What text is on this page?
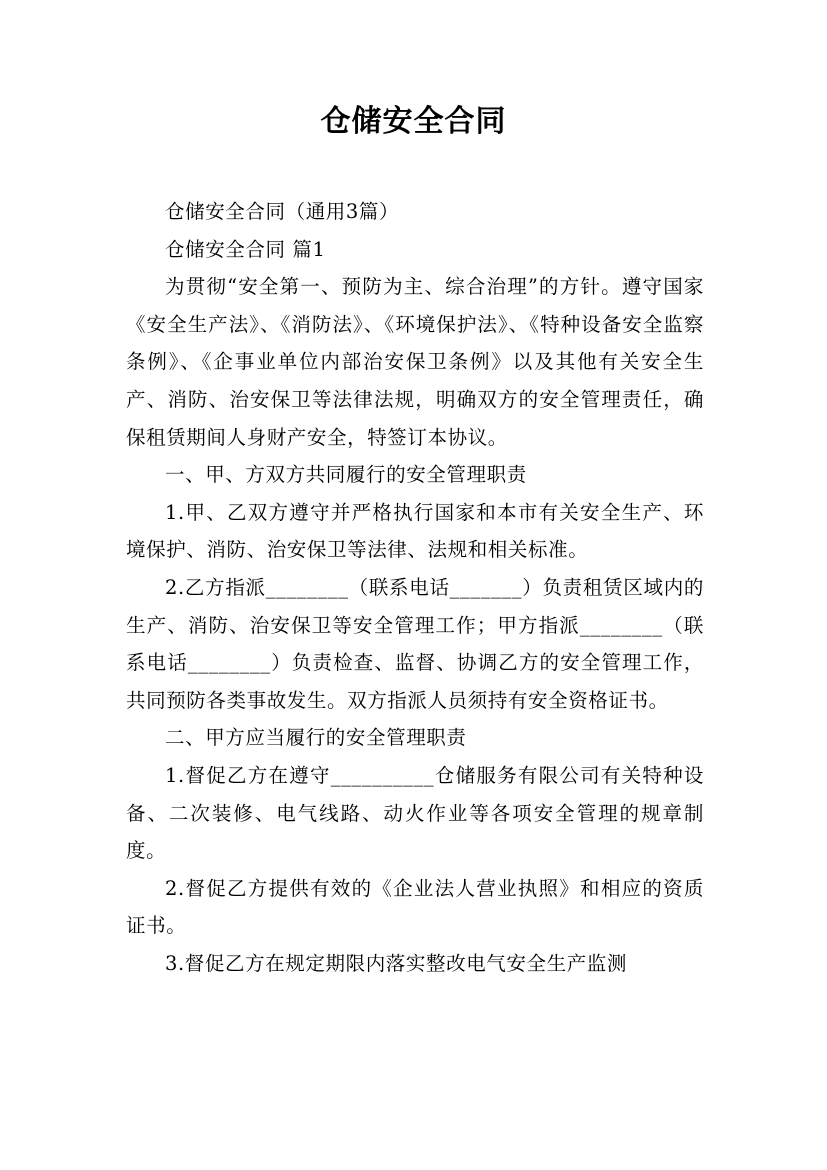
仓储安全合同

仓储安全合同（通用3篇）

仓储安全合同 篇1

为贯彻“安全第一、预防为主、综合治理”的方针。遵守国家《安全生产法》、《消防法》、《环境保护法》、《特种设备安全监察条例》、《企事业单位内部治安保卫条例》以及其他有关安全生产、消防、治安保卫等法律法规，明确双方的安全管理责任，确保租赁期间人身财产安全，特签订本协议。

一、甲、方双方共同履行的安全管理职责

1.甲、乙双方遵守并严格执行国家和本市有关安全生产、环境保护、消防、治安保卫等法律、法规和相关标准。

2.乙方指派________（联系电话_______）负责租赁区域内的生产、消防、治安保卫等安全管理工作；甲方指派________（联系电话________）负责检查、监督、协调乙方的安全管理工作，共同预防各类事故发生。双方指派人员须持有安全资格证书。

二、甲方应当履行的安全管理职责

1.督促乙方在遵守__________仓储服务有限公司有关特种设备、二次装修、电气线路、动火作业等各项安全管理的规章制度。

2.督促乙方提供有效的《企业法人营业执照》和相应的资质证书。

3.督促乙方在规定期限内落实整改电气安全生产监测
